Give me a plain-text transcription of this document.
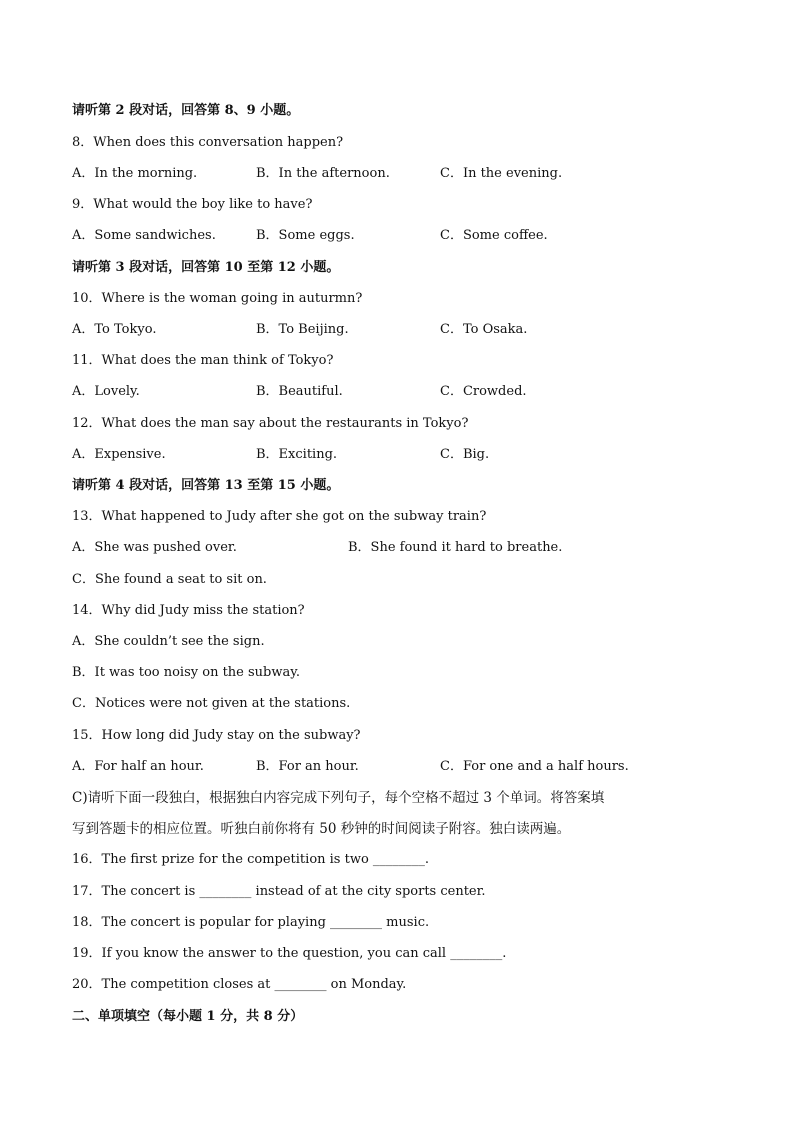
请听第 2 段对话，回答第 8、9 小题。
8．When does this conversation happen?
A．In the morning.	B．In the afternoon.	C．In the evening.
9．What would the boy like to have?
A．Some sandwiches.	B．Some eggs.	C．Some coffee.
请听第 3 段对话，回答第 10 至第 12 小题。
10．Where is the woman going in auturmn?
A．To Tokyo.	B．To Beijing.	C．To Osaka.
11．What does the man think of Tokyo?
A．Lovely.	B．Beautiful.	C．Crowded.
12．What does the man say about the restaurants in Tokyo?
A．Expensive.	B．Exciting.	C．Big.
请听第 4 段对话，回答第 13 至第 15 小题。
13．What happened to Judy after she got on the subway train?
A．She was pushed over.	B．She found it hard to breathe.
C．She found a seat to sit on.
14．Why did Judy miss the station?
A．She couldn’t see the sign.
B．It was too noisy on the subway.
C．Notices were not given at the stations.
15．How long did Judy stay on the subway?
A．For half an hour.	B．For an hour.	C．For one and a half hours.
C)请听下面一段独白，根据独白内容完成下列句子，每个空格不超过 3 个单词。将答案填
写到答题卡的相应位置。听独白前你将有 50 秒钟的时间阅读子附容。独白读两遍。
16．The first prize for the competition is two ________.
17．The concert is ________ instead of at the city sports center.
18．The concert is popular for playing ________ music.
19．If you know the answer to the question, you can call ________.
20．The competition closes at ________ on Monday.
二、单项填空（每小题 1 分，共 8 分）
